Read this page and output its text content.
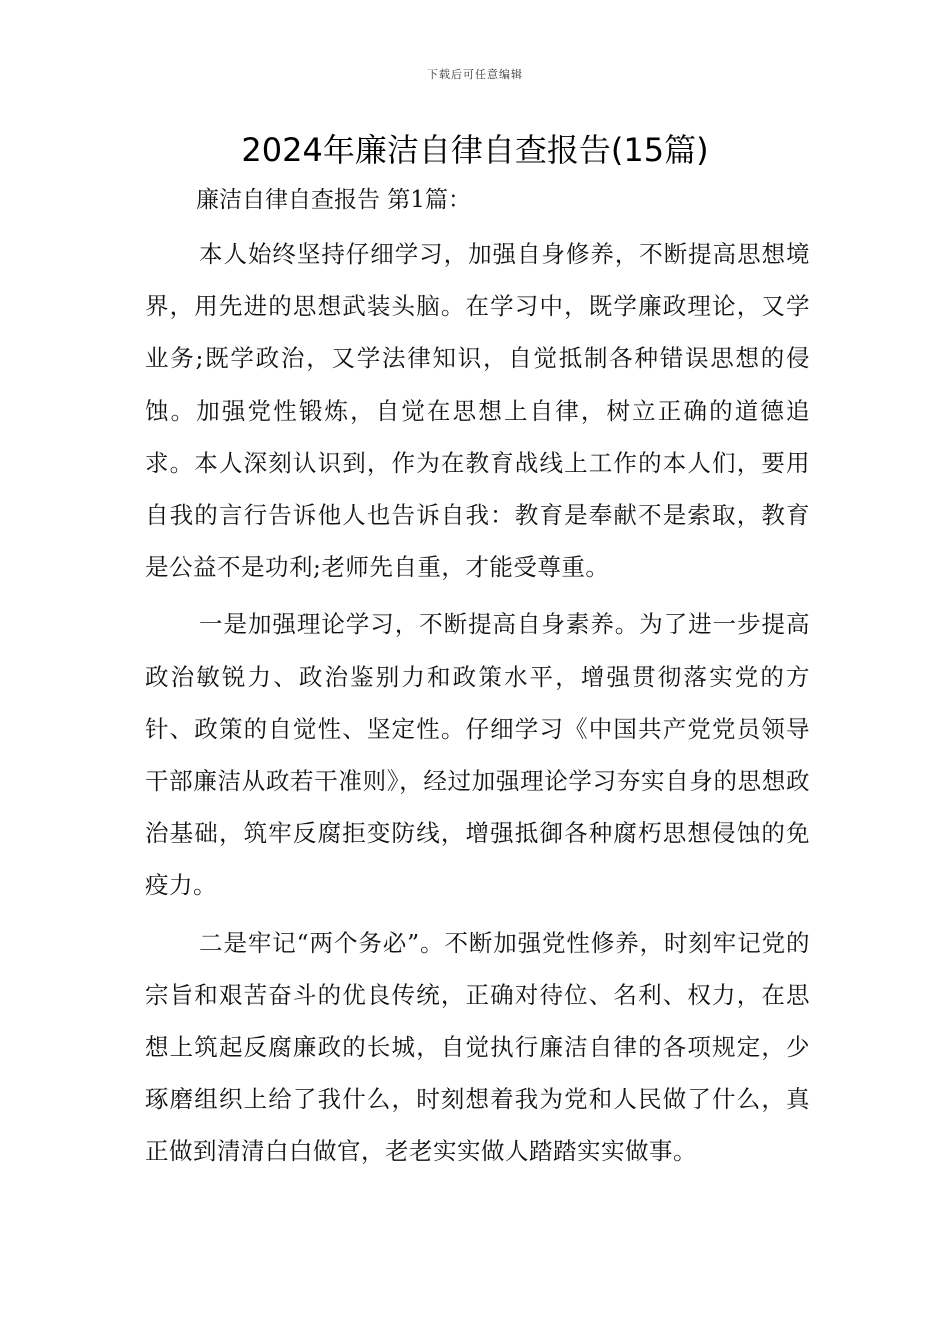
下载后可任意编辑
2024年廉洁自律自查报告(15篇)

廉洁自律自查报告 第1篇：

本人始终坚持仔细学习，加强自身修养，不断提高思想境界，用先进的思想武装头脑。在学习中，既学廉政理论，又学业务;既学政治，又学法律知识，自觉抵制各种错误思想的侵蚀。加强党性锻炼，自觉在思想上自律，树立正确的道德追求。本人深刻认识到，作为在教育战线上工作的本人们，要用自我的言行告诉他人也告诉自我：教育是奉献不是索取，教育是公益不是功利;老师先自重，才能受尊重。

一是加强理论学习，不断提高自身素养。为了进一步提高政治敏锐力、政治鉴别力和政策水平，增强贯彻落实党的方针、政策的自觉性、坚定性。仔细学习《中国共产党党员领导干部廉洁从政若干准则》，经过加强理论学习夯实自身的思想政治基础，筑牢反腐拒变防线，增强抵御各种腐朽思想侵蚀的免疫力。

二是牢记“两个务必”。不断加强党性修养，时刻牢记党的宗旨和艰苦奋斗的优良传统，正确对待位、名利、权力，在思想上筑起反腐廉政的长城，自觉执行廉洁自律的各项规定，少琢磨组织上给了我什么，时刻想着我为党和人民做了什么，真正做到清清白白做官，老老实实做人踏踏实实做事。
